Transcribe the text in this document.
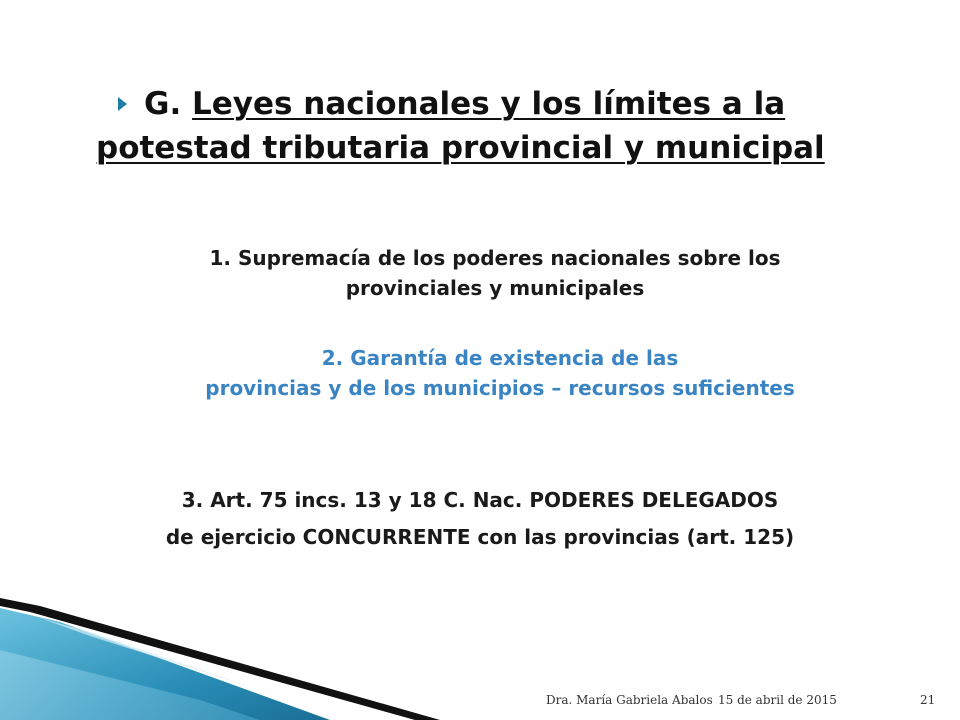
G. Leyes nacionales y los límites a la
potestad tributaria provincial y municipal
1. Supremacía de los poderes nacionales sobre los
provinciales y municipales
2. Garantía de existencia de las
provincias y de los municipios – recursos suficientes
3. Art. 75 incs. 13 y 18 C. Nac. PODERES DELEGADOS
de ejercicio CONCURRENTE con las provincias (art. 125)
Dra. María Gabriela Abalos 15 de abril de 2015	21
